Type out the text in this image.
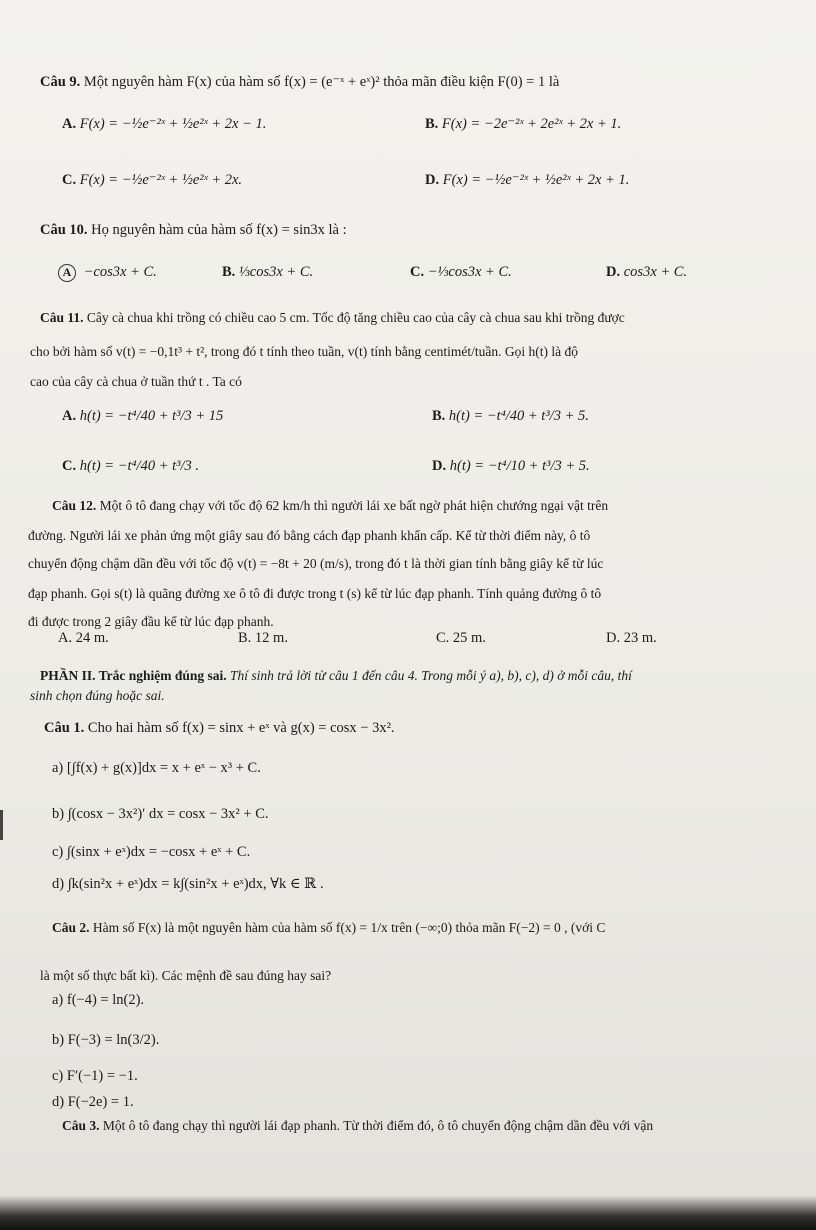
Câu 9. Một nguyên hàm F(x) của hàm số f(x) = (e⁻ˣ + eˣ)² thỏa mãn điều kiện F(0) = 1 là
A. F(x) = −½e⁻²ˣ + ½e²ˣ + 2x − 1.	B. F(x) = −2e⁻²ˣ + 2e²ˣ + 2x + 1.
C. F(x) = −½e⁻²ˣ + ½e²ˣ + 2x.	D. F(x) = −½e⁻²ˣ + ½e²ˣ + 2x + 1.
Câu 10. Họ nguyên hàm của hàm số f(x) = sin3x là :
A −cos3x + C.	B. ⅓cos3x + C.	C. −⅓cos3x + C.	D. cos3x + C.
Câu 11. Cây cà chua khi trồng có chiều cao 5 cm. Tốc độ tăng chiều cao của cây cà chua sau khi trồng được
cho bởi hàm số v(t) = −0,1t³ + t², trong đó t tính theo tuần, v(t) tính bằng centimét/tuần. Gọi h(t) là độ
cao của cây cà chua ở tuần thứ t . Ta có
A. h(t) = −t⁴/40 + t³/3 + 15	B. h(t) = −t⁴/40 + t³/3 + 5.
C. h(t) = −t⁴/40 + t³/3 .	D. h(t) = −t⁴/10 + t³/3 + 5.
Câu 12. Một ô tô đang chạy với tốc độ 62 km/h thì người lái xe bất ngờ phát hiện chướng ngại vật trên
đường. Người lái xe phản ứng một giây sau đó bằng cách đạp phanh khẩn cấp. Kể từ thời điểm này, ô tô
chuyển động chậm dần đều với tốc độ v(t) = −8t + 20 (m/s), trong đó t là thời gian tính bằng giây kể từ lúc
đạp phanh. Gọi s(t) là quãng đường xe ô tô đi được trong t (s) kể từ lúc đạp phanh. Tính quảng đường ô tô
đi được trong 2 giây đầu kể từ lúc đạp phanh.
A. 24 m.	B. 12 m.	C. 25 m.	D. 23 m.
PHẦN II. Trắc nghiệm đúng sai. Thí sinh trả lời từ câu 1 đến câu 4. Trong mỗi ý a), b), c), d) ở mỗi câu, thí
sinh chọn đúng hoặc sai.
Câu 1. Cho hai hàm số f(x) = sinx + eˣ và g(x) = cosx − 3x².
a) [∫f(x) + g(x)]dx = x + eˣ − x³ + C.
b) ∫(cosx − 3x²)′ dx = cosx − 3x² + C.
c) ∫(sinx + eˣ)dx = −cosx + eˣ + C.
d) ∫k(sin²x + eˣ)dx = k∫(sin²x + eˣ)dx, ∀k ∈ ℝ .
Câu 2. Hàm số F(x) là một nguyên hàm của hàm số f(x) = 1/x trên (−∞;0) thỏa mãn F(−2) = 0 , (với C
là một số thực bất kì). Các mệnh đề sau đúng hay sai?
a) f(−4) = ln(2).
b) F(−3) = ln(3/2).
c) F′(−1) = −1.
d) F(−2e) = 1.
Câu 3. Một ô tô đang chạy thì người lái đạp phanh. Từ thời điểm đó, ô tô chuyển động chậm dần đều với vận
